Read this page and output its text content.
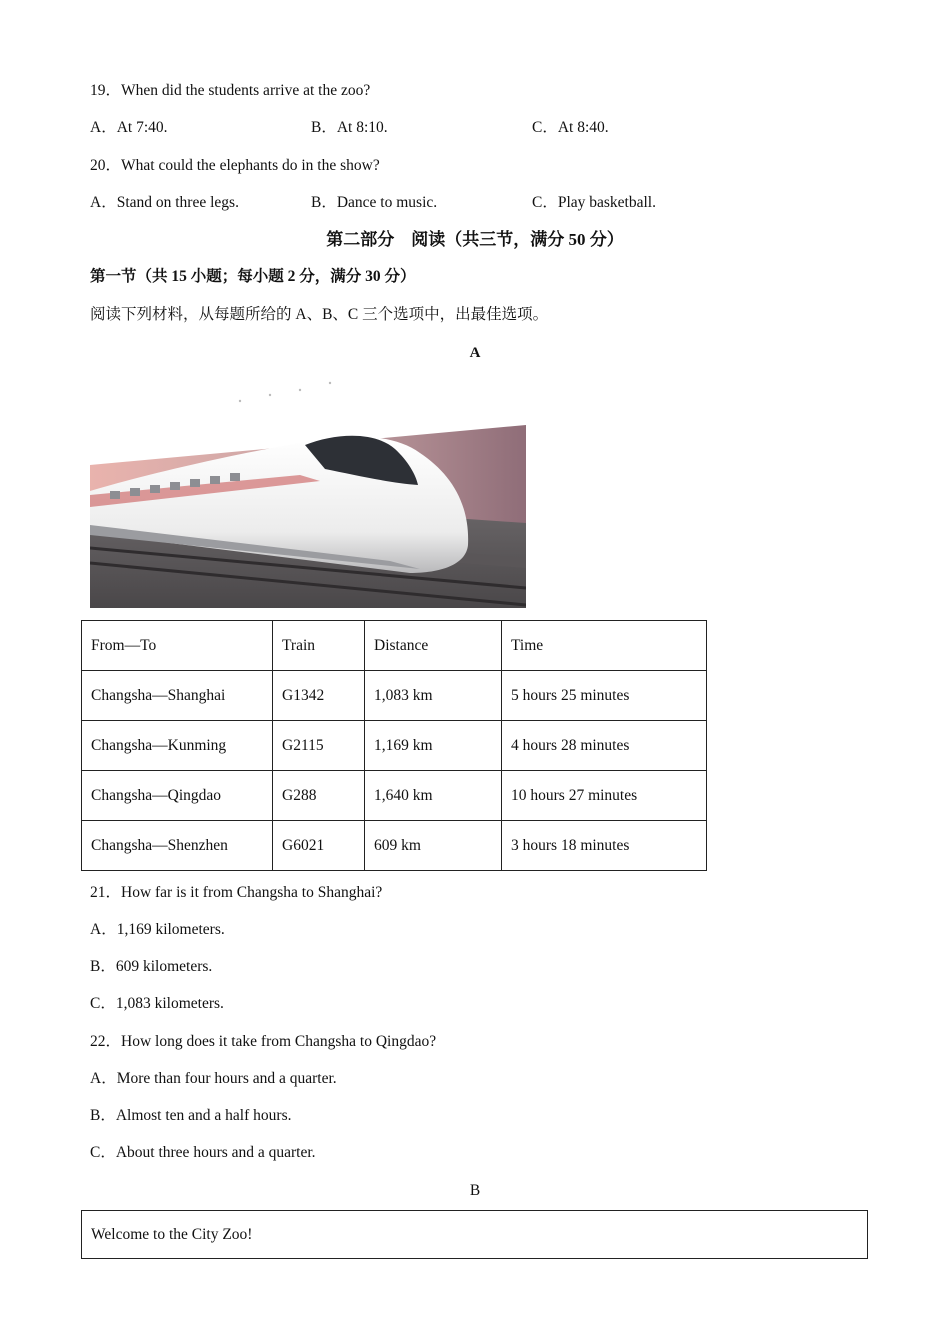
19．When did the students arrive at the zoo?
A．At 7:40.	B．At 8:10.	C．At 8:40.
20．What could the elephants do in the show?
A．Stand on three legs.	B．Dance to music.	C．Play basketball.
第二部分　阅读（共三节，满分 50 分）
第一节（共 15 小题；每小题 2 分，满分 30 分）
阅读下列材料，从每题所给的 A、B、C 三个选项中，出最佳选项。
A
From—To	Train	Distance	Time
Changsha—Shanghai	G1342	1,083 km	5 hours 25 minutes
Changsha—Kunming	G2115	1,169 km	4 hours 28 minutes
Changsha—Qingdao	G288	1,640 km	10 hours 27 minutes
Changsha—Shenzhen	G6021	609 km	3 hours 18 minutes
21．How far is it from Changsha to Shanghai?
A．1,169 kilometers.
B．609 kilometers.
C．1,083 kilometers.
22．How long does it take from Changsha to Qingdao?
A．More than four hours and a quarter.
B．Almost ten and a half hours.
C．About three hours and a quarter.
B
Welcome to the City Zoo!
